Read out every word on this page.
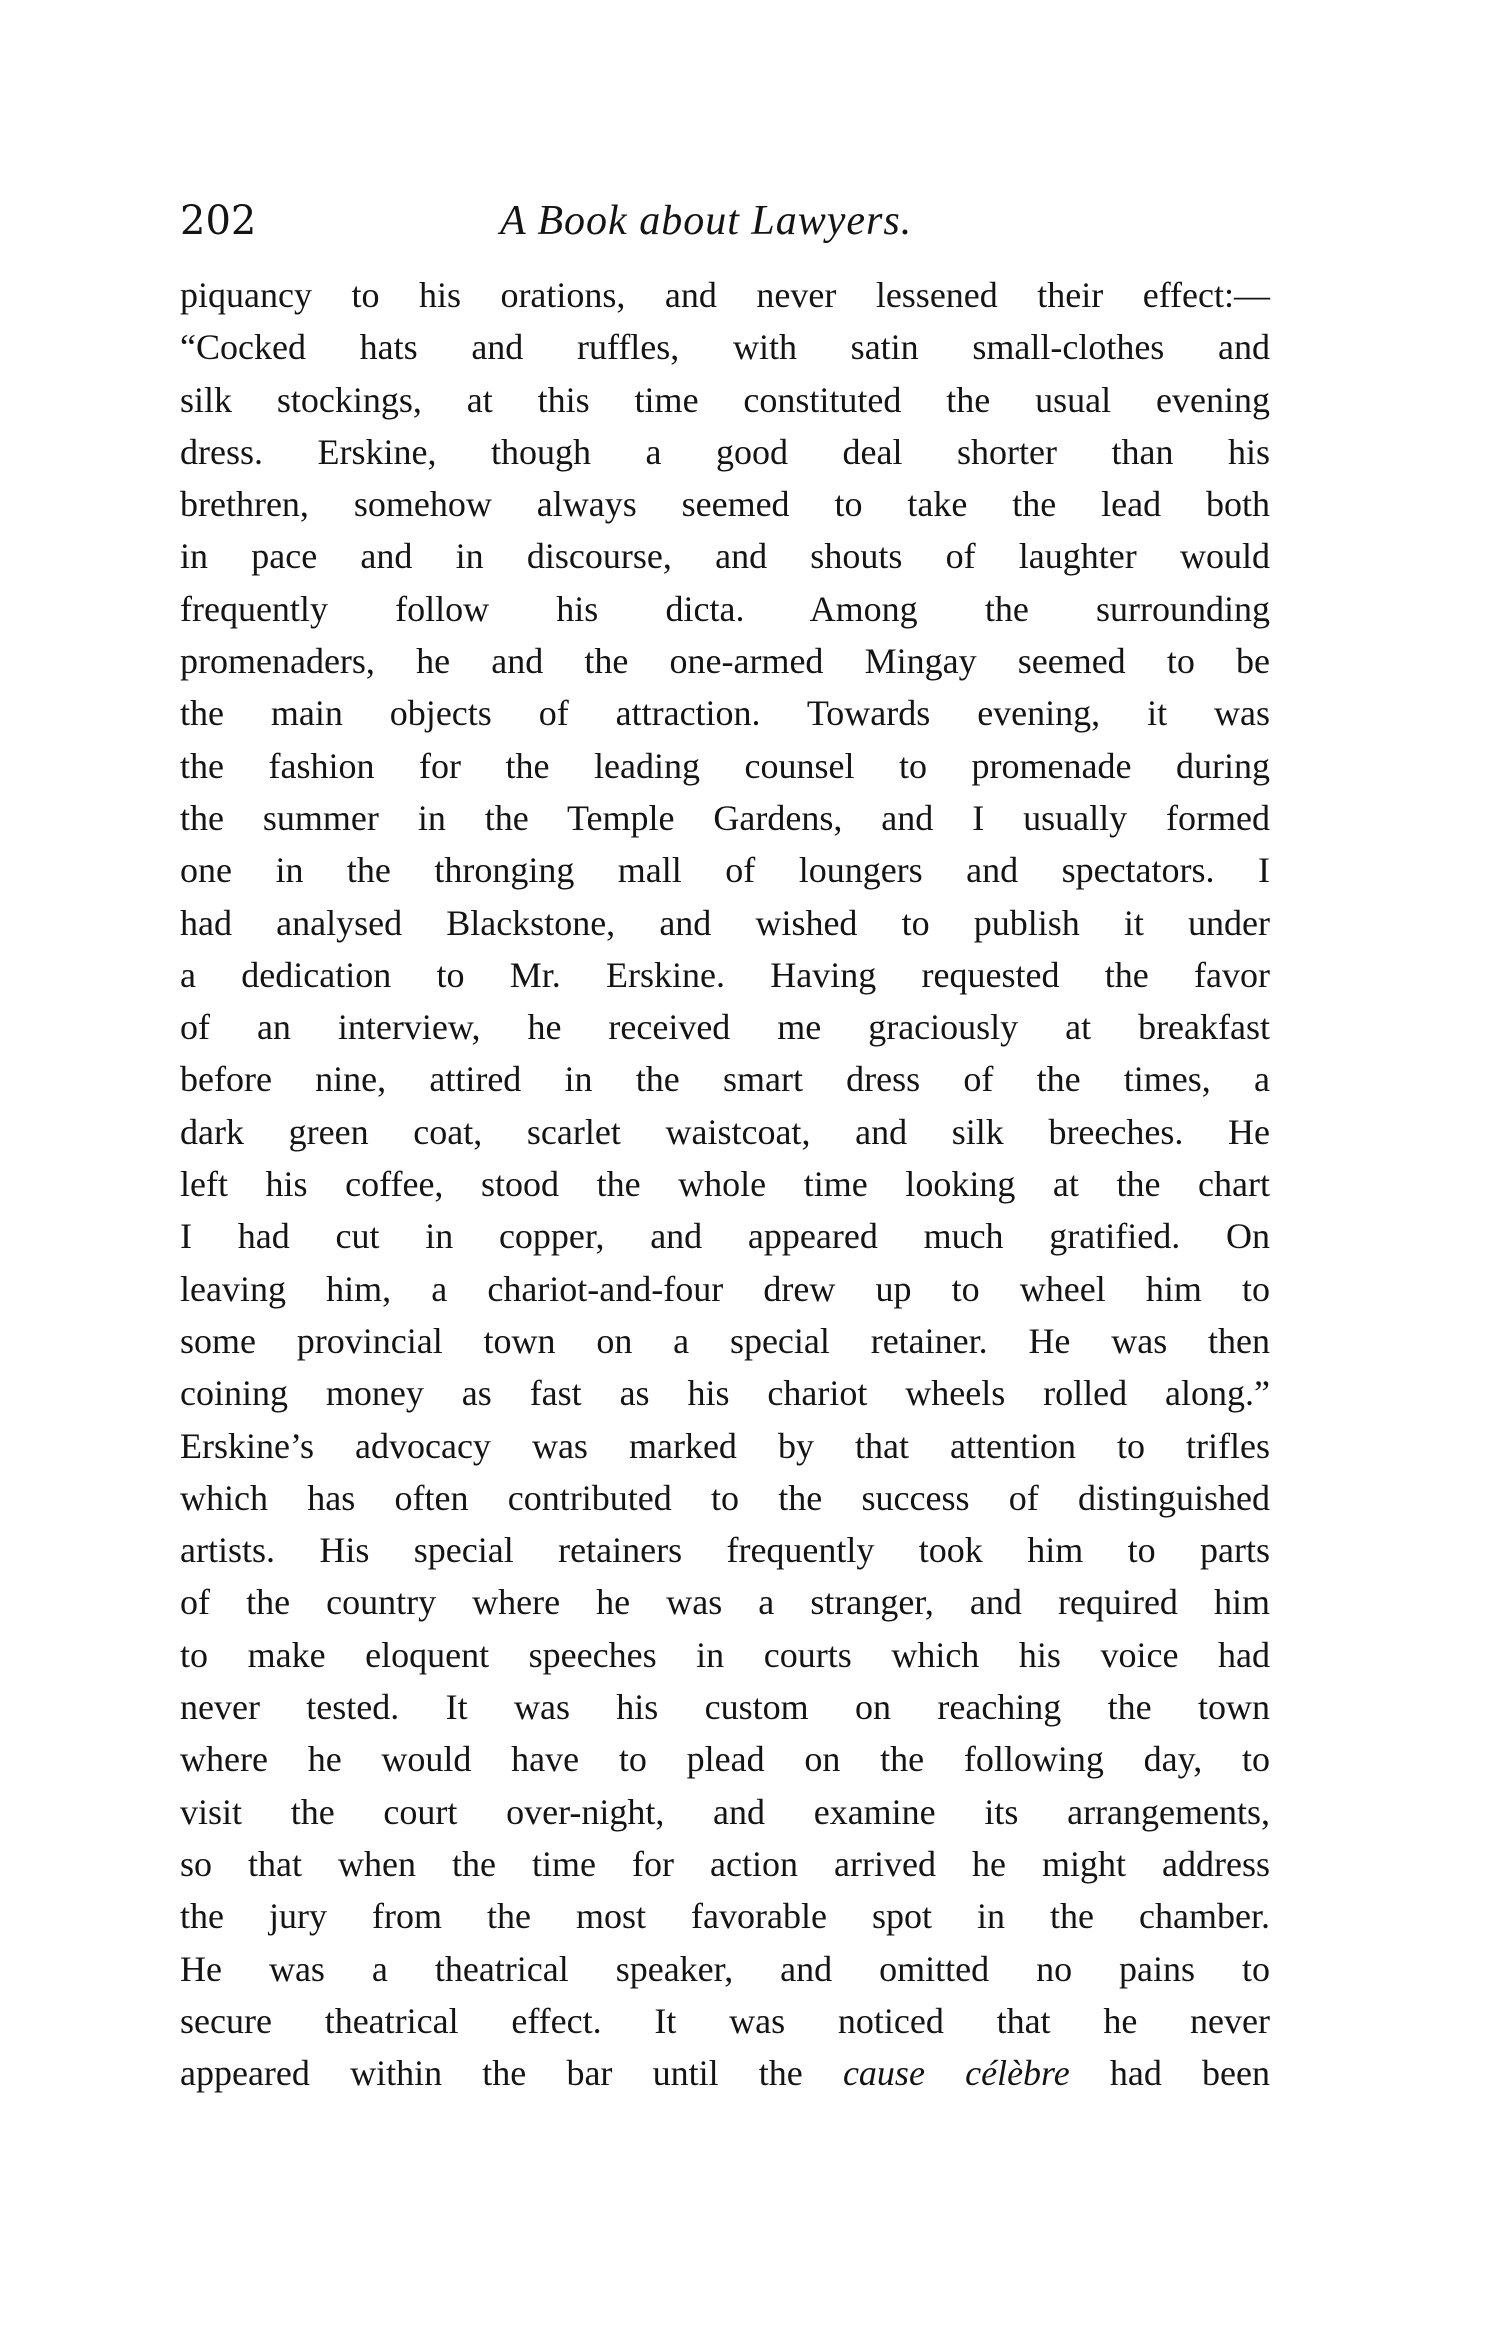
202	A Book about Lawyers.
piquancy to his orations, and never lessened their effect:—
“Cocked hats and ruffles, with satin small-clothes and
silk stockings, at this time constituted the usual evening
dress. Erskine, though a good deal shorter than his
brethren, somehow always seemed to take the lead both
in pace and in discourse, and shouts of laughter would
frequently follow his dicta. Among the surrounding
promenaders, he and the one-armed Mingay seemed to be
the main objects of attraction. Towards evening, it was
the fashion for the leading counsel to promenade during
the summer in the Temple Gardens, and I usually formed
one in the thronging mall of loungers and spectators. I
had analysed Blackstone, and wished to publish it under
a dedication to Mr. Erskine. Having requested the favor
of an interview, he received me graciously at breakfast
before nine, attired in the smart dress of the times, a
dark green coat, scarlet waistcoat, and silk breeches. He
left his coffee, stood the whole time looking at the chart
I had cut in copper, and appeared much gratified. On
leaving him, a chariot-and-four drew up to wheel him to
some provincial town on a special retainer. He was then
coining money as fast as his chariot wheels rolled along.”
Erskine’s advocacy was marked by that attention to trifles
which has often contributed to the success of distinguished
artists. His special retainers frequently took him to parts
of the country where he was a stranger, and required him
to make eloquent speeches in courts which his voice had
never tested. It was his custom on reaching the town
where he would have to plead on the following day, to
visit the court over-night, and examine its arrangements,
so that when the time for action arrived he might address
the jury from the most favorable spot in the chamber.
He was a theatrical speaker, and omitted no pains to
secure theatrical effect. It was noticed that he never
appeared within the bar until the cause célèbre had been
